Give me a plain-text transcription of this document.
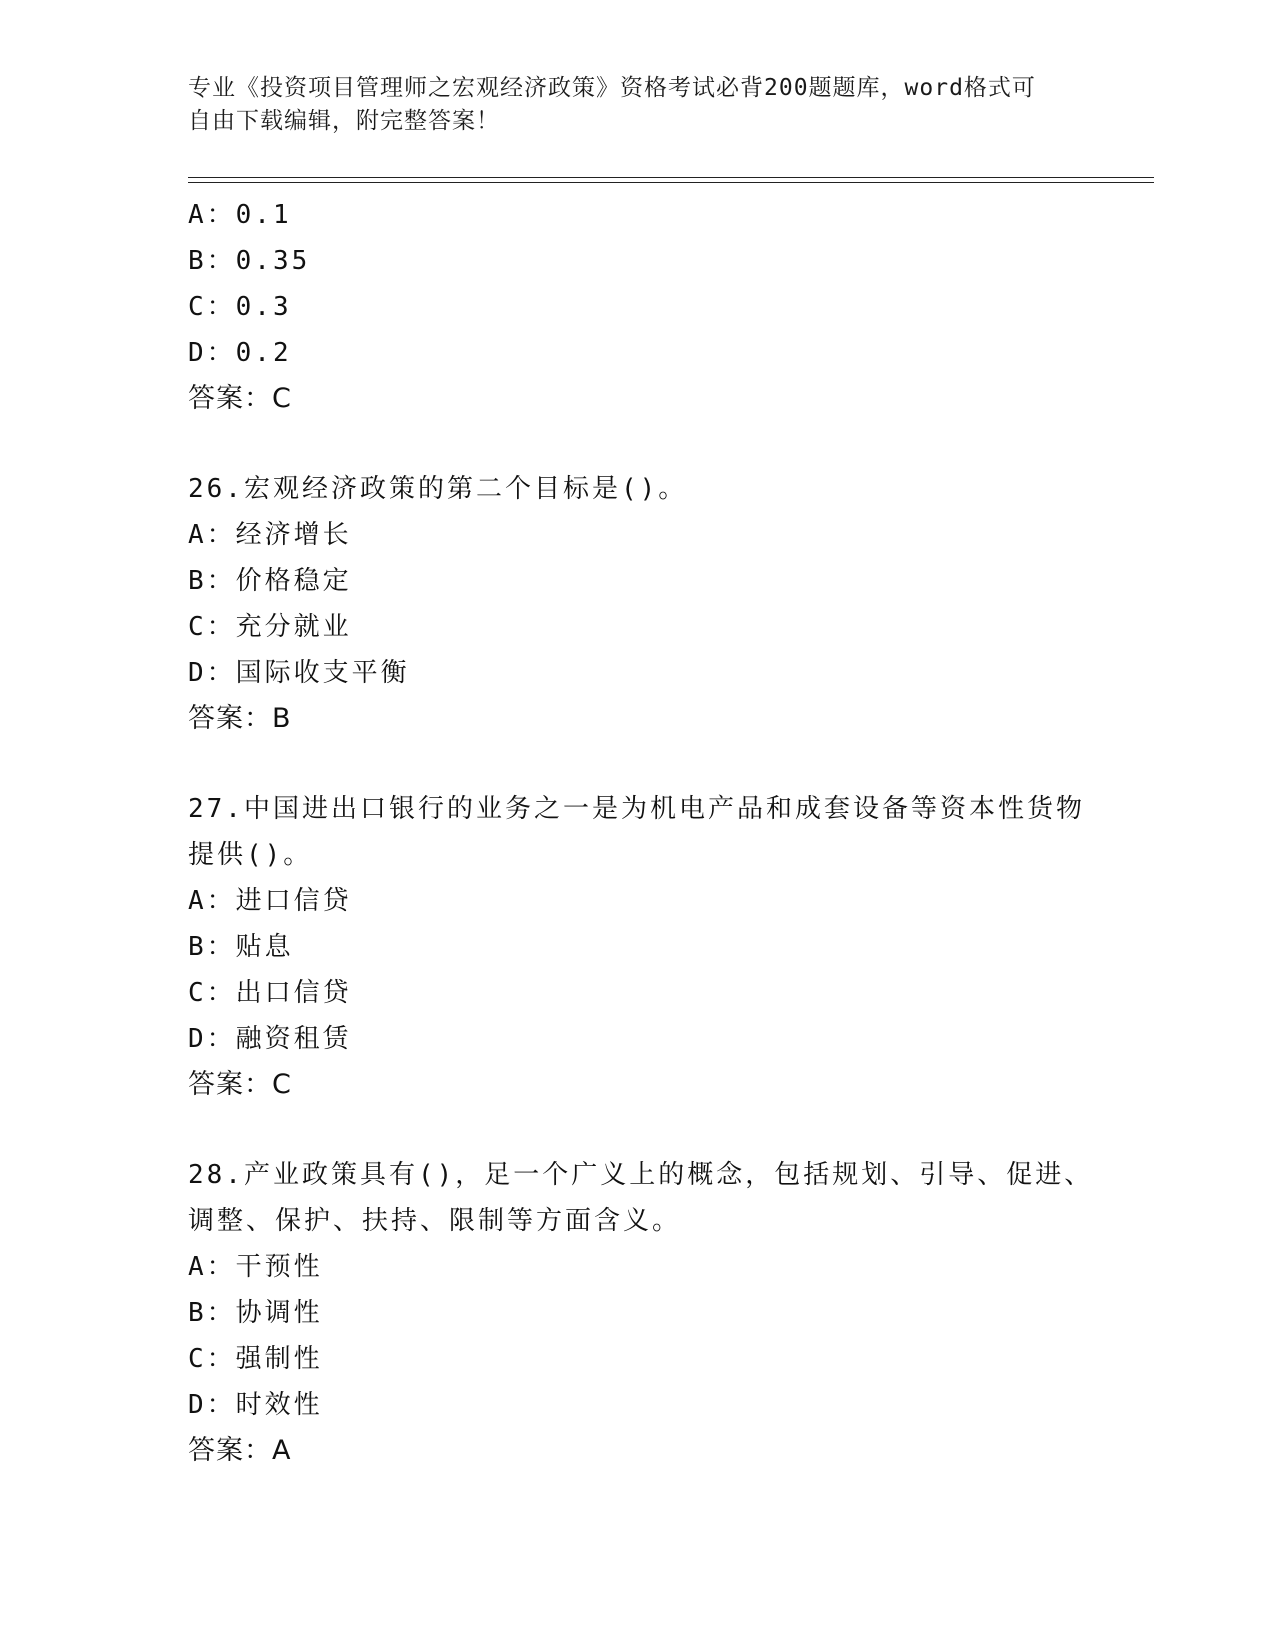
专业《投资项目管理师之宏观经济政策》资格考试必背200题题库，word格式可
自由下载编辑，附完整答案！
A：0.1
B：0.35
C：0.3
D：0.2
答案：C
26.宏观经济政策的第二个目标是()。
A：经济增长
B：价格稳定
C：充分就业
D：国际收支平衡
答案：B
27.中国进出口银行的业务之一是为机电产品和成套设备等资本性货物
提供()。
A：进口信贷
B：贴息
C：出口信贷
D：融资租赁
答案：C
28.产业政策具有()，足一个广义上的概念，包括规划、引导、促进、
调整、保护、扶持、限制等方面含义。
A：干预性
B：协调性
C：强制性
D：时效性
答案：A
